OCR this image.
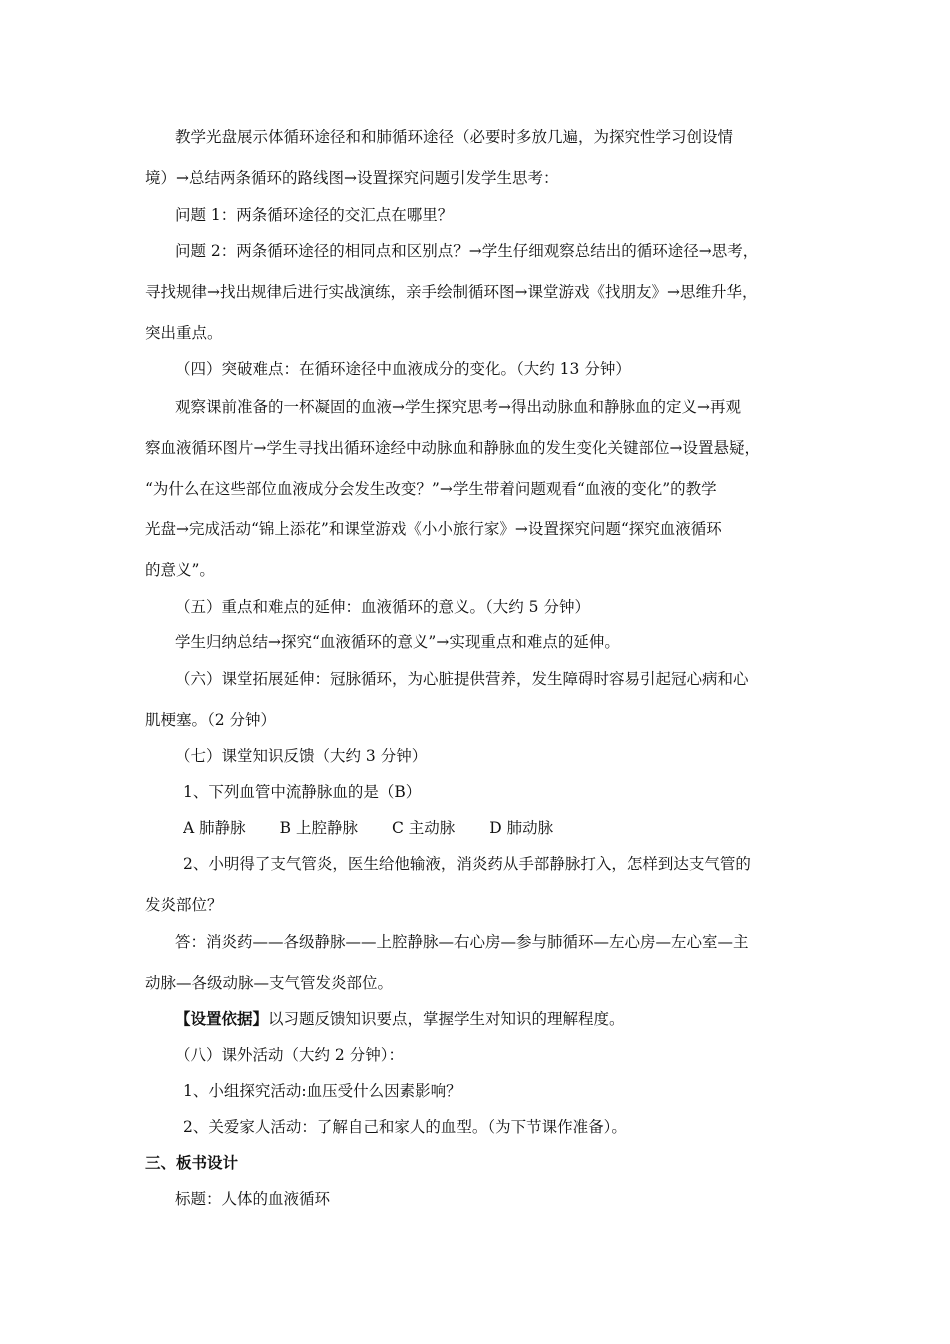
教学光盘展示体循环途径和和肺循环途径（必要时多放几遍，为探究性学习创设情
境）→总结两条循环的路线图→设置探究问题引发学生思考：
问题 1：两条循环途径的交汇点在哪里？
问题 2：两条循环途径的相同点和区别点？→学生仔细观察总结出的循环途径→思考，
寻找规律→找出规律后进行实战演练，亲手绘制循环图→课堂游戏《找朋友》→思维升华，
突出重点。
（四）突破难点：在循环途径中血液成分的变化。（大约 13 分钟）
观察课前准备的一杯凝固的血液→学生探究思考→得出动脉血和静脉血的定义→再观
察血液循环图片→学生寻找出循环途经中动脉血和静脉血的发生变化关键部位→设置悬疑，
“为什么在这些部位血液成分会发生改变？”→学生带着问题观看“血液的变化”的教学
光盘→完成活动“锦上添花”和课堂游戏《小小旅行家》→设置探究问题“探究血液循环
的意义”。
（五）重点和难点的延伸：血液循环的意义。（大约 5 分钟）
学生归纳总结→探究“血液循环的意义”→实现重点和难点的延伸。
（六）课堂拓展延伸：冠脉循环，为心脏提供营养，发生障碍时容易引起冠心病和心
肌梗塞。（2 分钟）
（七）课堂知识反馈（大约 3 分钟）
1、下列血管中流静脉血的是（B）
A 肺静脉 B 上腔静脉 C 主动脉 D 肺动脉
2、小明得了支气管炎，医生给他输液，消炎药从手部静脉打入，怎样到达支气管的
发炎部位？
答：消炎药——各级静脉——上腔静脉—右心房—参与肺循环—左心房—左心室—主
动脉—各级动脉—支气管发炎部位。
【设置依据】以习题反馈知识要点，掌握学生对知识的理解程度。
（八）课外活动（大约 2 分钟）：
1、小组探究活动:血压受什么因素影响？
2、关爱家人活动：了解自己和家人的血型。（为下节课作准备）。
三、板书设计
标题：人体的血液循环
